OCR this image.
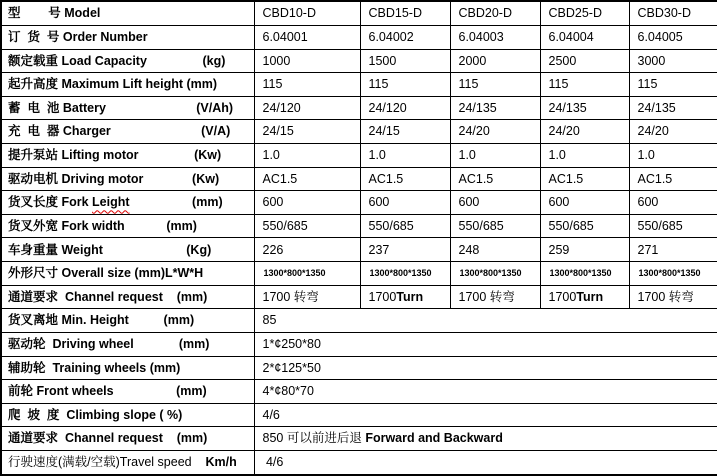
型        号 Model	CBD10-D	CBD15-D	CBD20-D	CBD25-D	CBD30-D
订  货  号 Order Number	6.04001	6.04002	6.04003	6.04004	6.04005
额定载重 Load Capacity                (kg)	1000	1500	2000	2500	3000
起升高度 Maximum Lift height (mm)	115	115	115	115	115
蓄  电  池 Battery                          (V/Ah)	24/120	24/120	24/135	24/135	24/135
充  电  器 Charger                          (V/A)	24/15	24/15	24/20	24/20	24/20
提升泵站 Lifting motor                (Kw)	1.0	1.0	1.0	1.0	1.0
驱动电机 Driving motor              (Kw)	AC1.5	AC1.5	AC1.5	AC1.5	AC1.5
货叉长度 Fork Leight                  (mm)	600	600	600	600	600
货叉外宽 Fork width            (mm)	550/685	550/685	550/685	550/685	550/685
车身重量 Weight                        (Kg)	226	237	248	259	271
外形尺寸 Overall size (mm)L*W*H	1300*800*1350	1300*800*1350	1300*800*1350	1300*800*1350	1300*800*1350
通道要求  Channel request    (mm)	1700 转弯	1700Turn	1700 转弯	1700Turn	1700 转弯
货叉离地 Min. Height          (mm)	85				
驱动轮  Driving wheel             (mm)	1*¢250*80				
辅助轮  Training wheels (mm)	2*¢125*50				
前轮 Front wheels                  (mm)	4*¢80*70				
爬  坡  度  Climbing slope ( %)	4/6				
通道要求  Channel request    (mm)	850 可以前进后退 Forward and Backward				
行驶速度(满载/空载)Travel speed    Km/h	4/6				
